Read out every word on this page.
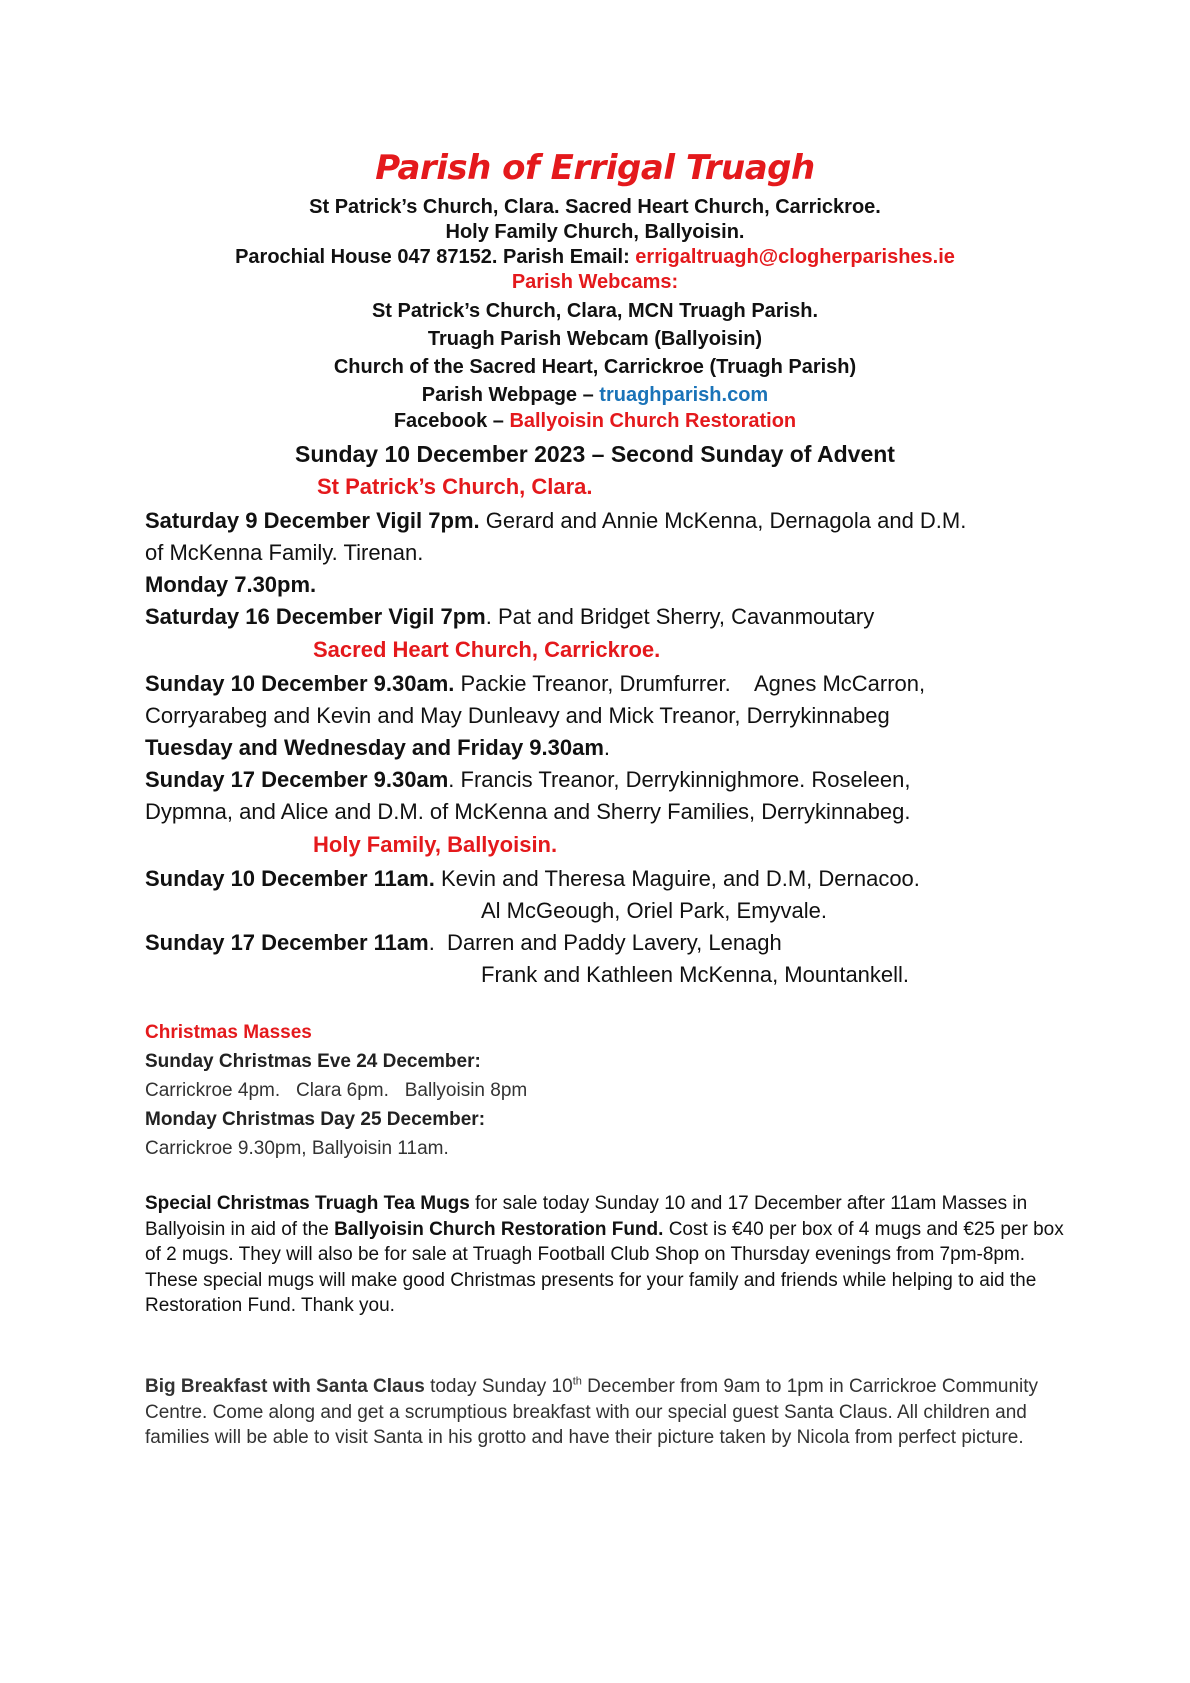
Parish of Errigal Truagh
St Patrick’s Church, Clara. Sacred Heart Church, Carrickroe.
Holy Family Church, Ballyoisin.
Parochial House 047 87152. Parish Email: errigaltruagh@clogherparishes.ie
Parish Webcams:
St Patrick’s Church, Clara, MCN Truagh Parish.
Truagh Parish Webcam (Ballyoisin)
Church of the Sacred Heart, Carrickroe (Truagh Parish)
Parish Webpage – truaghparish.com
Facebook – Ballyoisin Church Restoration
Sunday 10 December 2023 – Second Sunday of Advent
St Patrick’s Church, Clara.
Saturday 9 December Vigil 7pm. Gerard and Annie McKenna, Dernagola and D.M.
of McKenna Family. Tirenan.
Monday 7.30pm.
Saturday 16 December Vigil 7pm. Pat and Bridget Sherry, Cavanmoutary
Sacred Heart Church, Carrickroe.
Sunday 10 December 9.30am. Packie Treanor, Drumfurrer.    Agnes McCarron,
Corryarabeg and Kevin and May Dunleavy and Mick Treanor, Derrykinnabeg
Tuesday and Wednesday and Friday 9.30am.
Sunday 17 December 9.30am. Francis Treanor, Derrykinnighmore. Roseleen,
Dypmna, and Alice and D.M. of McKenna and Sherry Families, Derrykinnabeg.
Holy Family, Ballyoisin.
Sunday 10 December 11am. Kevin and Theresa Maguire, and D.M, Dernacoo.
Al McGeough, Oriel Park, Emyvale.
Sunday 17 December 11am.  Darren and Paddy Lavery, Lenagh
Frank and Kathleen McKenna, Mountankell.
Christmas Masses
Sunday Christmas Eve 24 December:
Carrickroe 4pm.   Clara 6pm.   Ballyoisin 8pm
Monday Christmas Day 25 December:
Carrickroe 9.30pm, Ballyoisin 11am.
Special Christmas Truagh Tea Mugs for sale today Sunday 10 and 17 December after 11am Masses in Ballyoisin in aid of the Ballyoisin Church Restoration Fund. Cost is €40 per box of 4 mugs and €25 per box of 2 mugs. They will also be for sale at Truagh Football Club Shop on Thursday evenings from 7pm-8pm. These special mugs will make good Christmas presents for your family and friends while helping to aid the Restoration Fund. Thank you.
Big Breakfast with Santa Claus today Sunday 10th December from 9am to 1pm in Carrickroe Community Centre. Come along and get a scrumptious breakfast with our special guest Santa Claus. All children and families will be able to visit Santa in his grotto and have their picture taken by Nicola from perfect picture.
